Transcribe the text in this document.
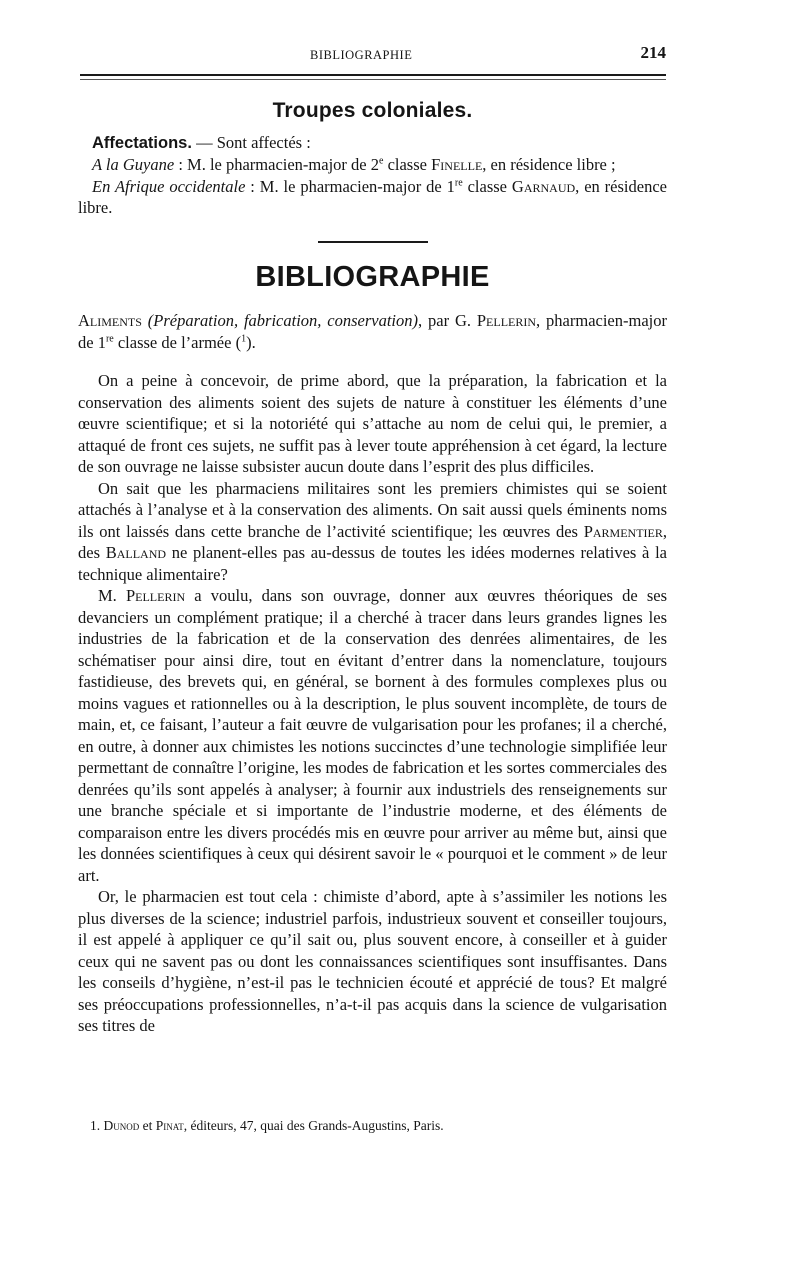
BIBLIOGRAPHIE	214
Troupes coloniales.

Affectations. — Sont affectés :

A la Guyane : M. le pharmacien-major de 2e classe Finelle, en résidence libre ;

En Afrique occidentale : M. le pharmacien-major de 1re classe Garnaud, en résidence libre.

BIBLIOGRAPHIE

Aliments (Préparation, fabrication, conservation), par G. Pellerin, pharmacien-major de 1re classe de l’armée ($^1$).

On a peine à concevoir, de prime abord, que la préparation, la fabrication et la conservation des aliments soient des sujets de nature à constituer les éléments d’une œuvre scientifique; et si la notoriété qui s’attache au nom de celui qui, le premier, a attaqué de front ces sujets, ne suffit pas à lever toute appréhension à cet égard, la lecture de son ouvrage ne laisse subsister aucun doute dans l’esprit des plus difficiles.

On sait que les pharmaciens militaires sont les premiers chimistes qui se soient attachés à l’analyse et à la conservation des aliments. On sait aussi quels éminents noms ils ont laissés dans cette branche de l’activité scientifique; les œuvres des Parmentier, des Balland ne planent-elles pas au-dessus de toutes les idées modernes relatives à la technique alimentaire?

M. Pellerin a voulu, dans son ouvrage, donner aux œuvres théoriques de ses devanciers un complément pratique; il a cherché à tracer dans leurs grandes lignes les industries de la fabrication et de la conservation des denrées alimentaires, de les schématiser pour ainsi dire, tout en évitant d’entrer dans la nomenclature, toujours fastidieuse, des brevets qui, en général, se bornent à des formules complexes plus ou moins vagues et rationnelles ou à la description, le plus souvent incomplète, de tours de main, et, ce faisant, l’auteur a fait œuvre de vulgarisation pour les profanes; il a cherché, en outre, à donner aux chimistes les notions succinctes d’une technologie simplifiée leur permettant de connaître l’origine, les modes de fabrication et les sortes commerciales des denrées qu’ils sont appelés à analyser; à fournir aux industriels des renseignements sur une branche spéciale et si importante de l’industrie moderne, et des éléments de comparaison entre les divers procédés mis en œuvre pour arriver au même but, ainsi que les données scientifiques à ceux qui désirent savoir le « pourquoi et le comment » de leur art.

Or, le pharmacien est tout cela : chimiste d’abord, apte à s’assimiler les notions les plus diverses de la science; industriel parfois, industrieux souvent et conseiller toujours, il est appelé à appliquer ce qu’il sait ou, plus souvent encore, à conseiller et à guider ceux qui ne savent pas ou dont les connaissances scientifiques sont insuffisantes. Dans les conseils d’hygiène, n’est-il pas le technicien écouté et apprécié de tous? Et malgré ses préoccupations professionnelles, n’a-t-il pas acquis dans la science de vulgarisation ses titres de

1. Dunod et Pinat, éditeurs, 47, quai des Grands-Augustins, Paris.
